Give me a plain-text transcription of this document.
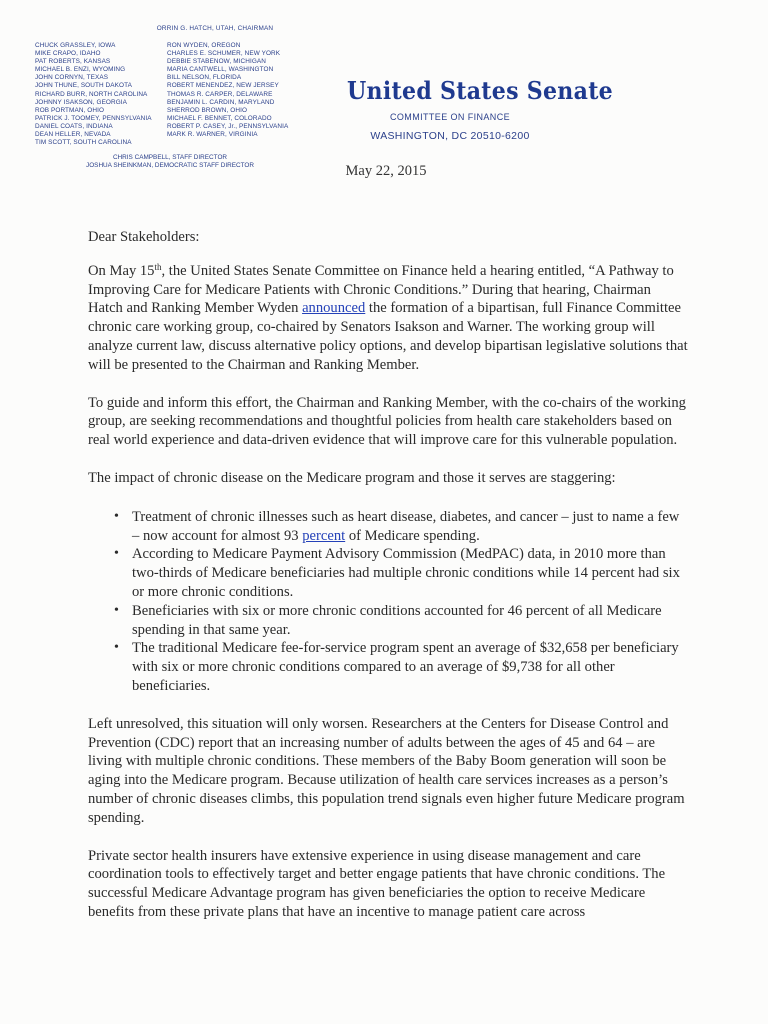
ORRIN G. HATCH, UTAH, CHAIRMAN
CHUCK GRASSLEY, IOWA
MIKE CRAPO, IDAHO
PAT ROBERTS, KANSAS
MICHAEL B. ENZI, WYOMING
JOHN CORNYN, TEXAS
JOHN THUNE, SOUTH DAKOTA
RICHARD BURR, NORTH CAROLINA
JOHNNY ISAKSON, GEORGIA
ROB PORTMAN, OHIO
PATRICK J. TOOMEY, PENNSYLVANIA
DANIEL COATS, INDIANA
DEAN HELLER, NEVADA
TIM SCOTT, SOUTH CAROLINA
RON WYDEN, OREGON
CHARLES E. SCHUMER, NEW YORK
DEBBIE STABENOW, MICHIGAN
MARIA CANTWELL, WASHINGTON
BILL NELSON, FLORIDA
ROBERT MENENDEZ, NEW JERSEY
THOMAS R. CARPER, DELAWARE
BENJAMIN L. CARDIN, MARYLAND
SHERROD BROWN, OHIO
MICHAEL F. BENNET, COLORADO
ROBERT P. CASEY, Jr., PENNSYLVANIA
MARK R. WARNER, VIRGINIA
CHRIS CAMPBELL, STAFF DIRECTOR
JOSHUA SHEINKMAN, DEMOCRATIC STAFF DIRECTOR
United States Senate
COMMITTEE ON FINANCE
WASHINGTON, DC 20510-6200
May 22, 2015

Dear Stakeholders:

On May 15th, the United States Senate Committee on Finance held a hearing entitled, “A Pathway to Improving Care for Medicare Patients with Chronic Conditions.” During that hearing, Chairman Hatch and Ranking Member Wyden announced the formation of a bipartisan, full Finance Committee chronic care working group, co-chaired by Senators Isakson and Warner. The working group will analyze current law, discuss alternative policy options, and develop bipartisan legislative solutions that will be presented to the Chairman and Ranking Member.

To guide and inform this effort, the Chairman and Ranking Member, with the co-chairs of the working group, are seeking recommendations and thoughtful policies from health care stakeholders based on real world experience and data-driven evidence that will improve care for this vulnerable population.

The impact of chronic disease on the Medicare program and those it serves are staggering:

• Treatment of chronic illnesses such as heart disease, diabetes, and cancer – just to name a few – now account for almost 93 percent of Medicare spending.
• According to Medicare Payment Advisory Commission (MedPAC) data, in 2010 more than two-thirds of Medicare beneficiaries had multiple chronic conditions while 14 percent had six or more chronic conditions.
• Beneficiaries with six or more chronic conditions accounted for 46 percent of all Medicare spending in that same year.
• The traditional Medicare fee-for-service program spent an average of $32,658 per beneficiary with six or more chronic conditions compared to an average of $9,738 for all other beneficiaries.

Left unresolved, this situation will only worsen. Researchers at the Centers for Disease Control and Prevention (CDC) report that an increasing number of adults between the ages of 45 and 64 – are living with multiple chronic conditions. These members of the Baby Boom generation will soon be aging into the Medicare program. Because utilization of health care services increases as a person’s number of chronic diseases climbs, this population trend signals even higher future Medicare program spending.

Private sector health insurers have extensive experience in using disease management and care coordination tools to effectively target and better engage patients that have chronic conditions. The successful Medicare Advantage program has given beneficiaries the option to receive Medicare benefits from these private plans that have an incentive to manage patient care across
